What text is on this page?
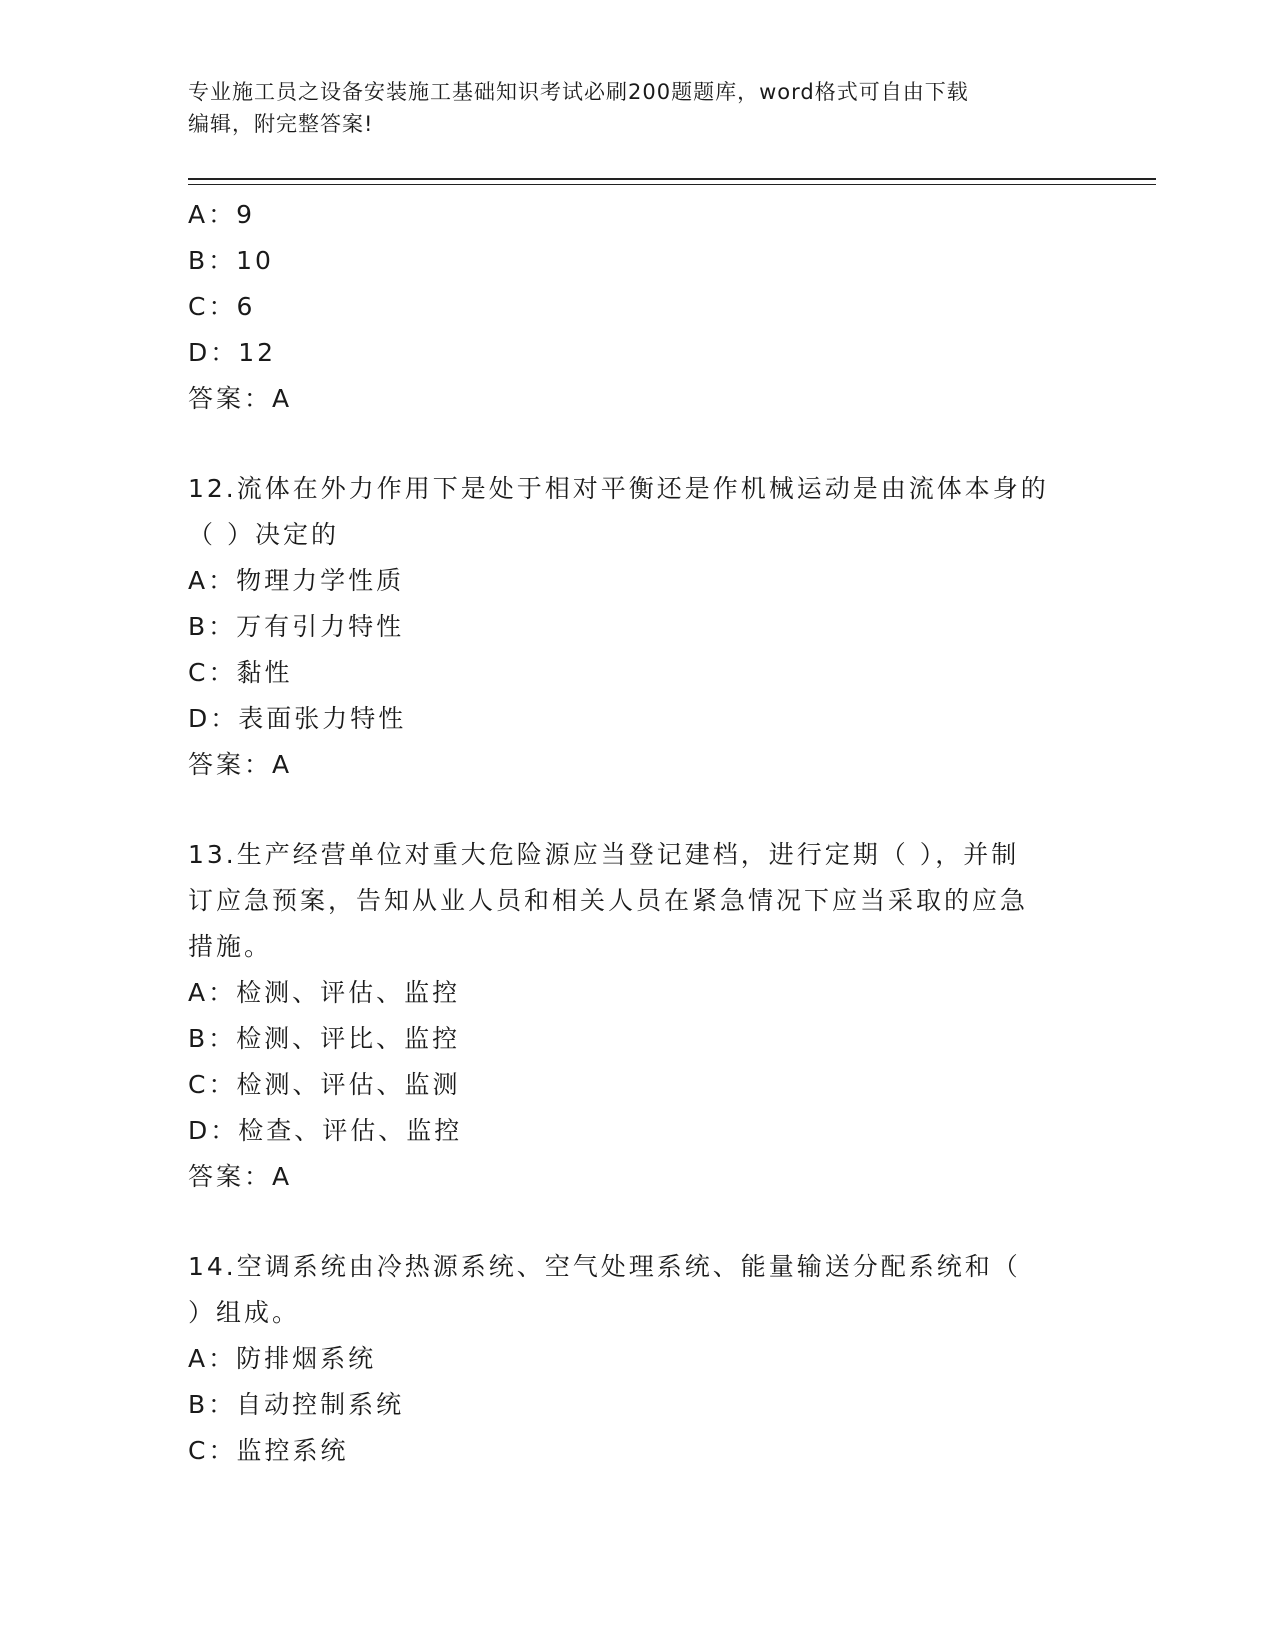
专业施工员之设备安装施工基础知识考试必刷200题题库，word格式可自由下载
编辑，附完整答案!
A：9
B：10
C：6
D：12
答案：A
12.流体在外力作用下是处于相对平衡还是作机械运动是由流体本身的
（ ）决定的
A：物理力学性质
B：万有引力特性
C：黏性
D：表面张力特性
答案：A
13.生产经营单位对重大危险源应当登记建档，进行定期（ ），并制
订应急预案，告知从业人员和相关人员在紧急情况下应当采取的应急
措施。
A：检测、评估、监控
B：检测、评比、监控
C：检测、评估、监测
D：检查、评估、监控
答案：A
14.空调系统由冷热源系统、空气处理系统、能量输送分配系统和（
）组成。
A：防排烟系统
B：自动控制系统
C：监控系统
